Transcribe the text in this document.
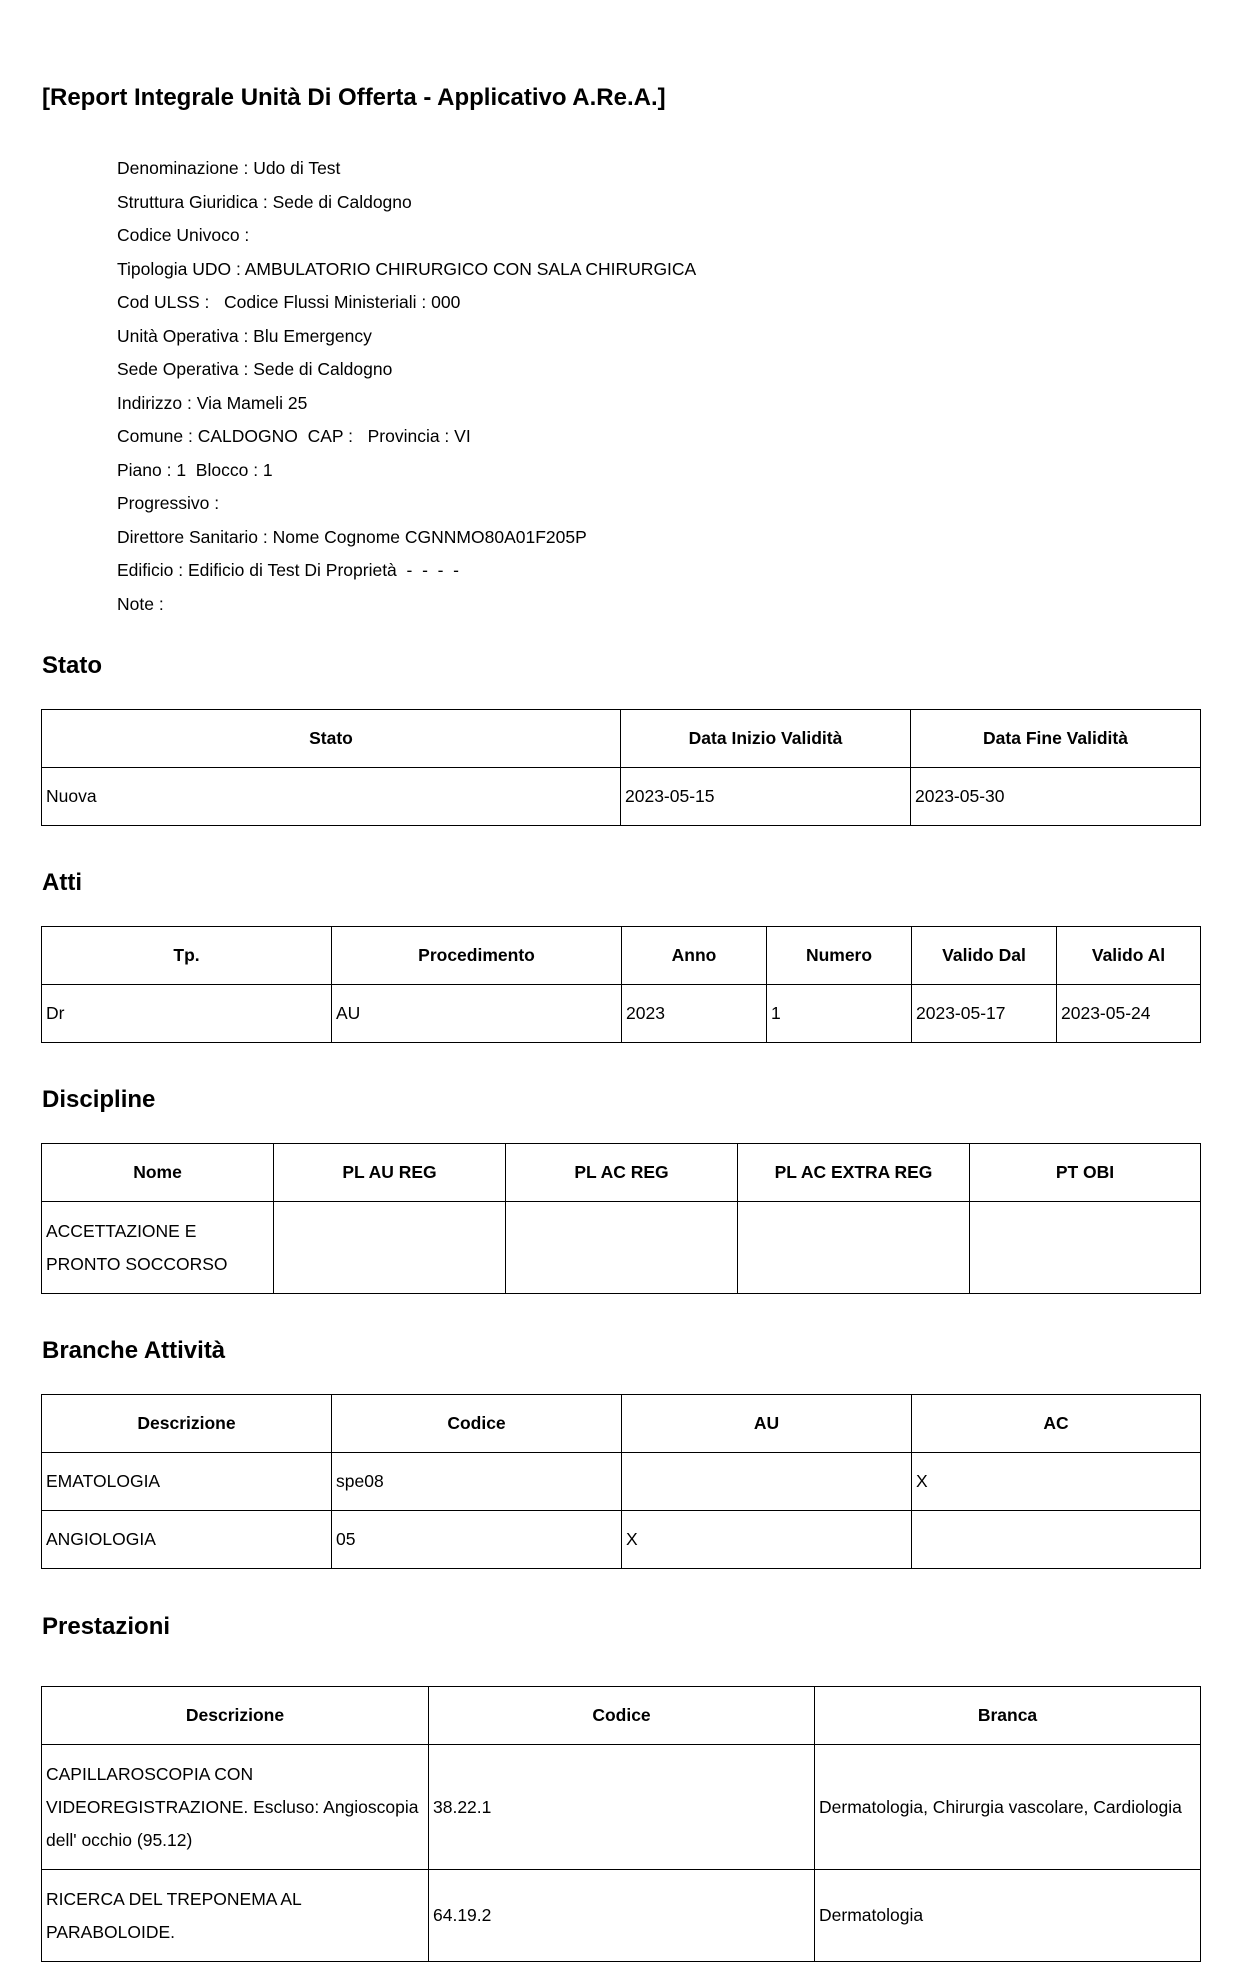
[Report Integrale Unità Di Offerta - Applicativo A.Re.A.]
Denominazione : Udo di Test
Struttura Giuridica : Sede di Caldogno
Codice Univoco :
Tipologia UDO : AMBULATORIO CHIRURGICO CON SALA CHIRURGICA
Cod ULSS :   Codice Flussi Ministeriali : 000
Unità Operativa : Blu Emergency
Sede Operativa : Sede di Caldogno
Indirizzo : Via Mameli 25
Comune : CALDOGNO  CAP :   Provincia : VI
Piano : 1  Blocco : 1
Progressivo :
Direttore Sanitario : Nome Cognome CGNNMO80A01F205P
Edificio : Edificio di Test Di Proprietà  -  -  -  -
Note :
Stato
Stato	Data Inizio Validità	Data Fine Validità
Nuova	2023-05-15	2023-05-30
Atti
Tp.	Procedimento	Anno	Numero	Valido Dal	Valido Al
Dr	AU	2023	1	2023-05-17	2023-05-24
Discipline
Nome	PL AU REG	PL AC REG	PL AC EXTRA REG	PT OBI
ACCETTAZIONE E PRONTO SOCCORSO				
Branche Attività
Descrizione	Codice	AU	AC
EMATOLOGIA	spe08		X
ANGIOLOGIA	05	X	
Prestazioni
Descrizione	Codice	Branca
CAPILLAROSCOPIA CON VIDEOREGISTRAZIONE. Escluso: Angioscopia dell' occhio (95.12)	38.22.1	Dermatologia, Chirurgia vascolare, Cardiologia
RICERCA DEL TREPONEMA AL PARABOLOIDE.	64.19.2	Dermatologia
